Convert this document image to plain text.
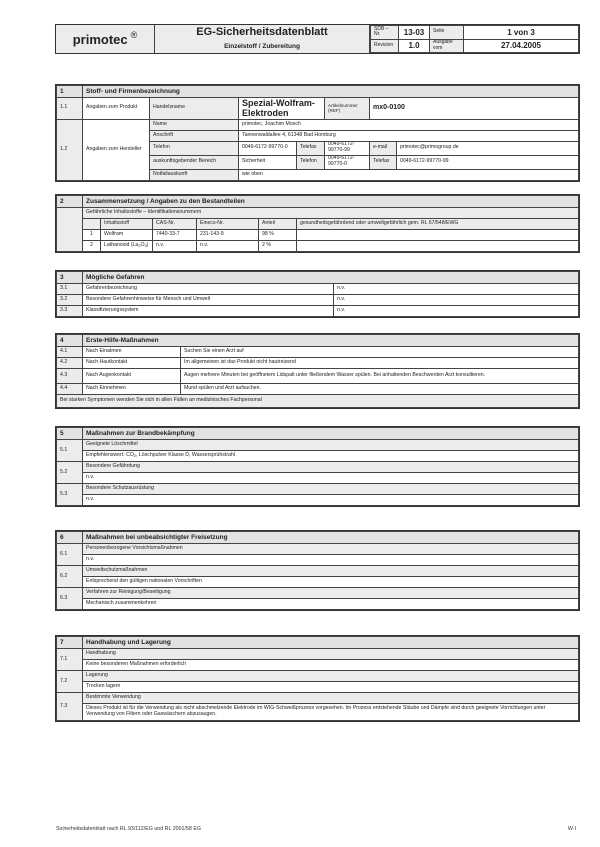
primotec ®	EG-Sicherheitsdatenblatt
Einzelstoff / Zubereitung
SDB – Nr.	13-03	Seite	1 von 3
Revision	1.0	Ausgabe vom	27.04.2005
1	Stoff- und Firmenbezeichnung						
1.1	Angaben zum Produkt	Handelsname	Spezial-Wolfram-Elektroden		Artikelnummer (REF)	mx0-0100	
1.2	Angaben zum Hersteller	Name	primotec, Joachim Mosch				
		Anschrift	Tannenwaldallee 4, 61348 Bad Homburg				
		Telefon	0049-6172-99770-0	Telefax	0049-6172-99770-99	e-mail	primotec@primogroup.de
		auskunftsgebender Bereich	Sicherheit	Telefon	0049-6172-99770-0	Telefax	0049-6172-99770-99
		Notfallauskunft	wie oben				
2	Zusammensetzung / Angaben zu den Bestandteilen					
	Gefährliche Inhaltsstoffe – Identifikationsnummern					
		Inhaltsstoff	CAS-Nr.	Einecs-Nr.	Anteil	gesundheitsgefährdend oder umweltgefährlich gem. RL 67/548/EWG
	1	Wolfram	7440-33-7	231-143-9	98 %	
	2	Lathanoxid $(La_2O_3)$	n.v.	n.v.	2 %	
3	Mögliche Gefahren	
3.1	Gefahrenbezeichnung	n.v.
3.2	Besondere Gefahrenhinweise für Mensch und Umwelt	n.v.
3.3	Klassifizierungssystem	n.v.
4	Erste-Hilfe-Maßnahmen	
4.1	Nach Einatmen	Suchen Sie einen Arzt auf
4.2	Nach Hautkontakt	Im allgemeinen ist das Produkt nicht hautreizend
4.3	Nach Augenkontakt	Augen mehrere Minuten bei geöffnetem Lidspalt unter fließendem Wasser spülen. Bei anhaltenden Beschwerden Arzt konsultieren.
4.4	Nach Einnehmen	Mund spülen und Arzt aufsuchen.
Bei starken Symptomen wenden Sie sich in allen Fällen an medizinisches Fachpersonal		
5	Maßnahmen zur Brandbekämpfung
5.1	Geeignete Löschmittel
	Empfehlenswert: $CO_2$, Löschpulver Klasse D, Wassersprühstrahl
5.2	Besondere Gefährdung
	n.v.
5.3	Besondere Schutzausrüstung
	n.v.
6	Maßnahmen bei unbeabsichtigter Freisetzung
6.1	Personenbezogene Vorsichtsmaßnahmen
	n.v.
6.2	Umweltschutzmaßnahmen
	Entsprechend den gültigen nationalen Vorschriften
6.3	Verfahren zur Reinigung/Beseitigung
	Mechanisch zusammenkehren
7	Handhabung und Lagerung
7.1	Handhabung
	Keine besonderen Maßnahmen erforderlich
7.2	Lagerung
	Trocken lagern
7.3	Bestimmte Verwendung
	Dieses Produkt ist für die Verwendung als nicht abschmelzende Elektrode im WIG-Schweißprozess vorgesehen. Im Prozess entstehende Stäube und Dämpfe sind durch geeignete Vorrichtungen unter Verwendung von Filtern oder Gaswäschern abzusaugen.
Sicherheitsdatenblatt nach RL 93/112/EG und RL 2001/58 EG	W-I
